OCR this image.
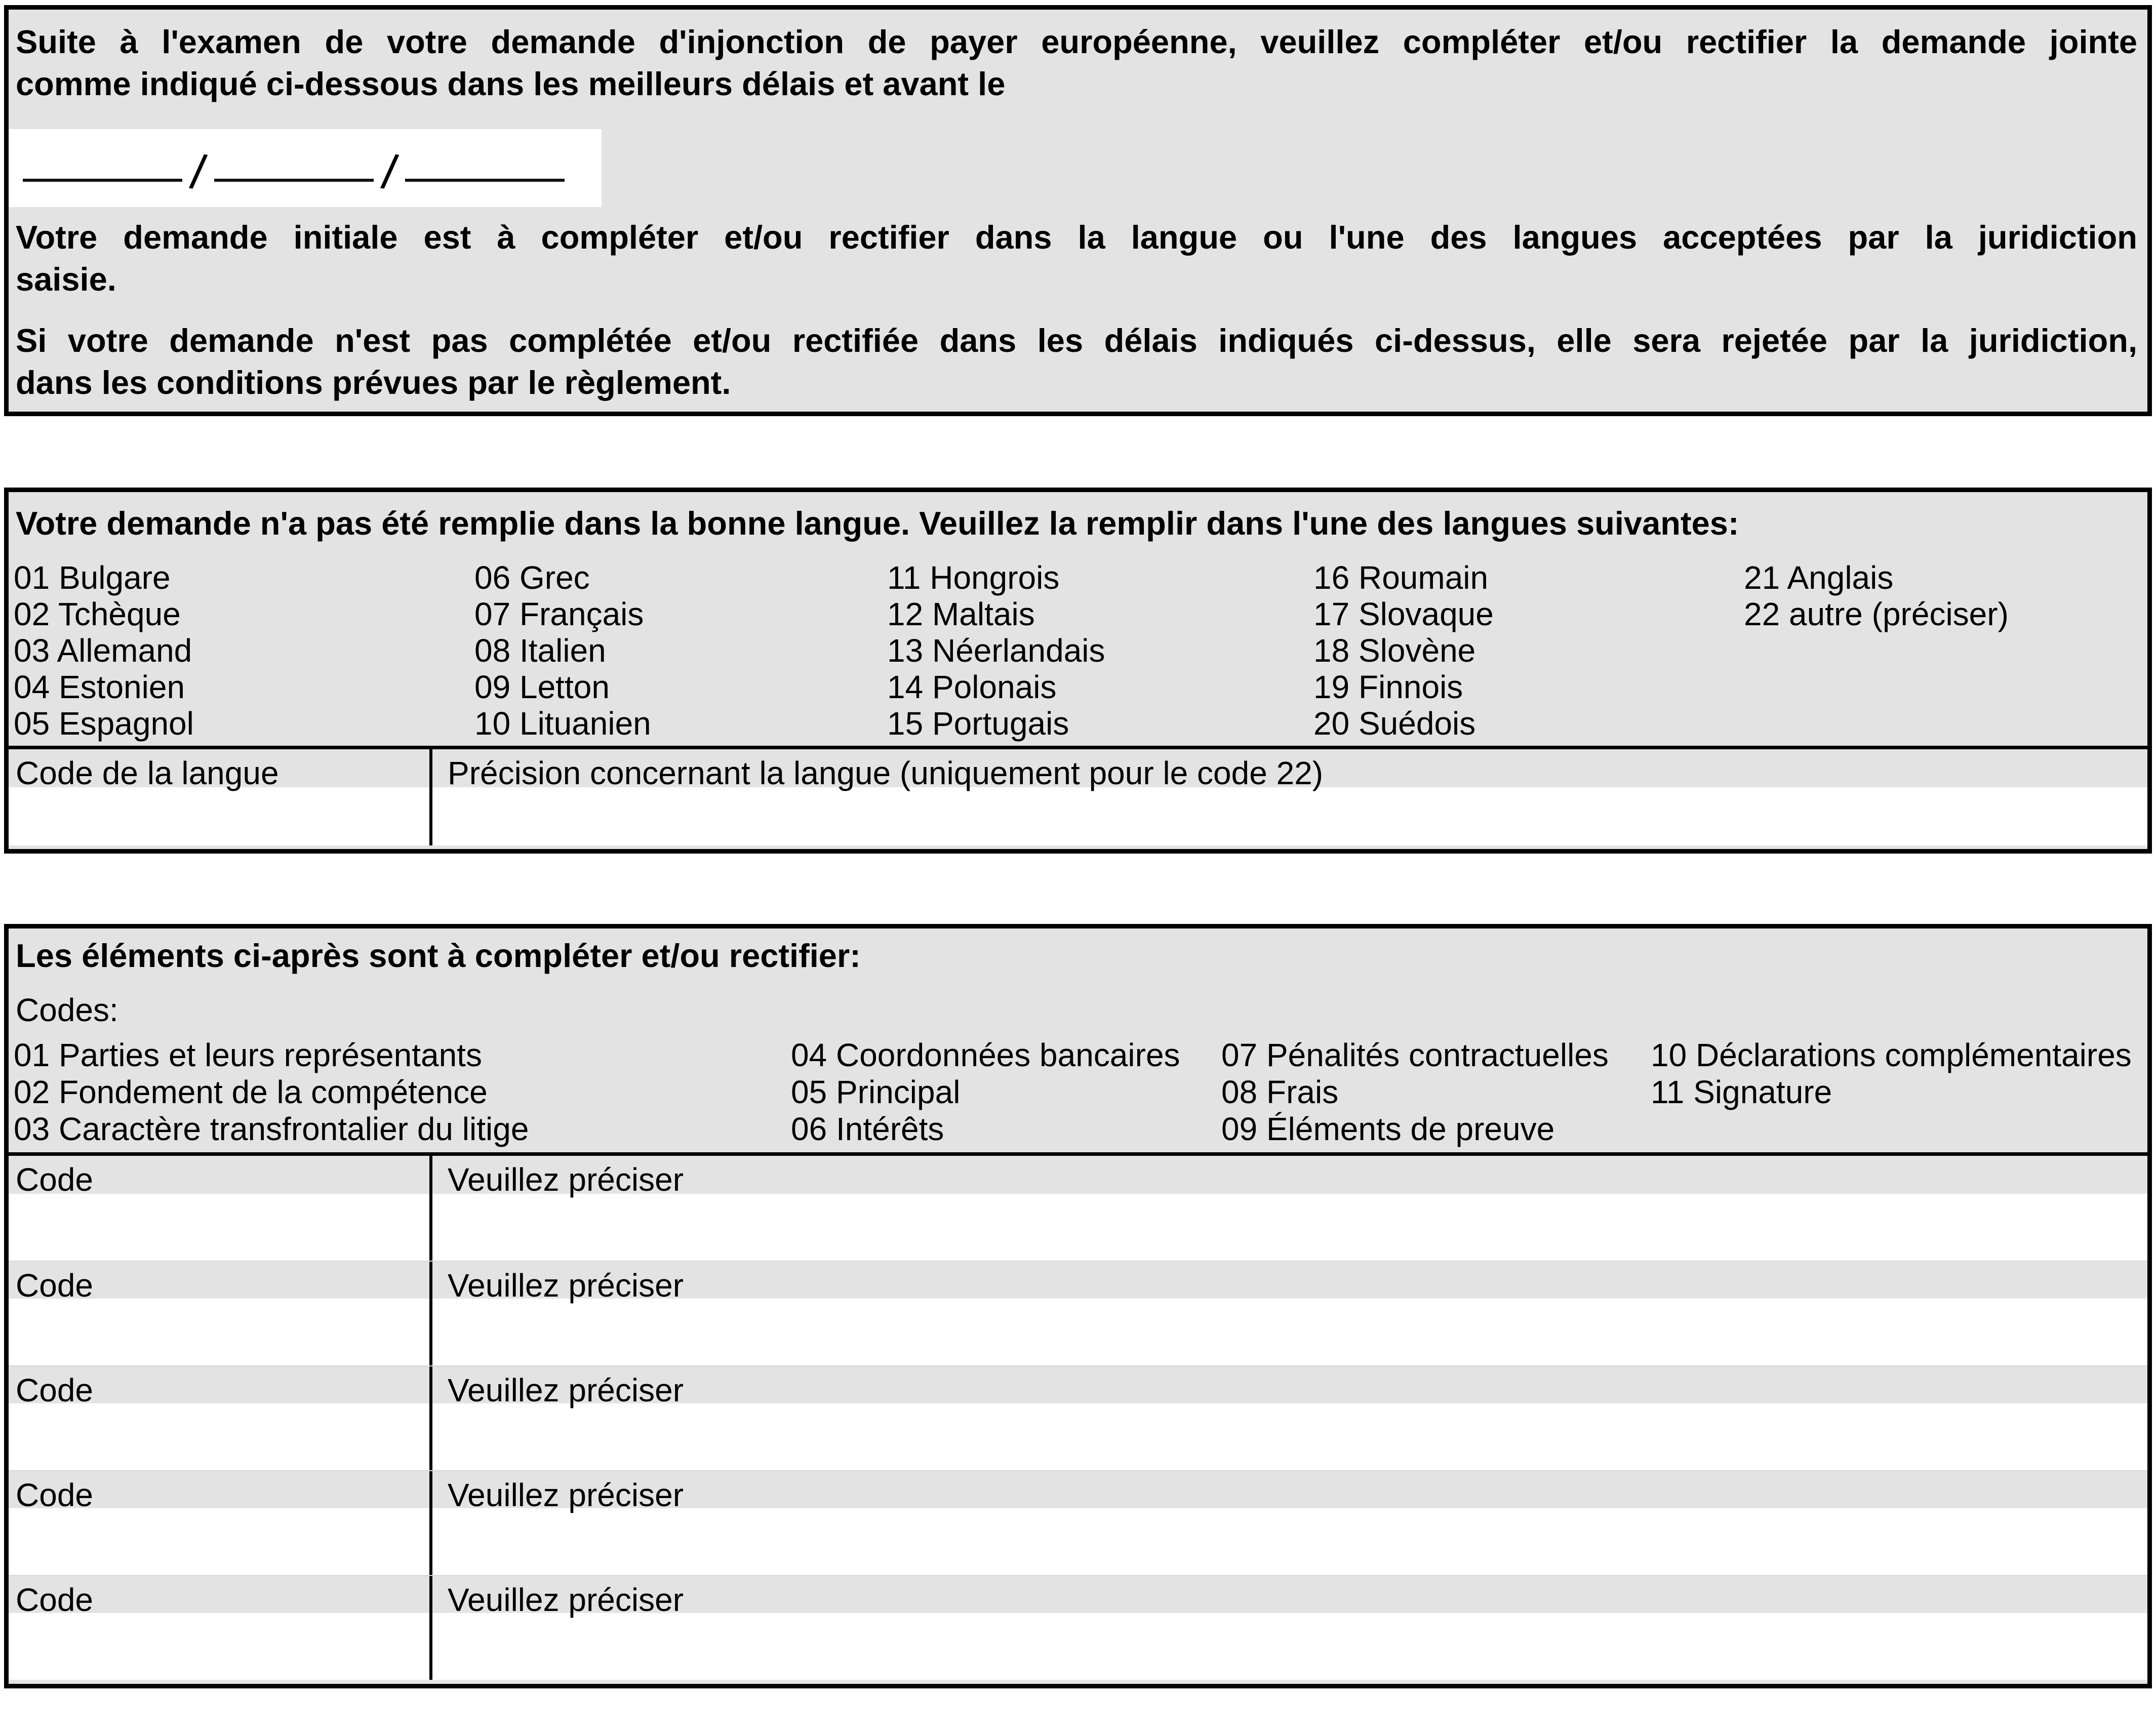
Suite à l'examen de votre demande d'injonction de payer européenne, veuillez compléter et/ou rectifier la demande jointe
comme indiqué ci-dessous dans les meilleurs délais et avant le

/	/

Votre demande initiale est à compléter et/ou rectifier dans la langue ou l'une des langues acceptées par la juridiction
saisie.

Si votre demande n'est pas complétée et/ou rectifiée dans les délais indiqués ci-dessus, elle sera rejetée par la juridiction,
dans les conditions prévues par le règlement.

Votre demande n'a pas été remplie dans la bonne langue. Veuillez la remplir dans l'une des langues suivantes:

01 Bulgare
02 Tchèque
03 Allemand
04 Estonien
05 Espagnol
06 Grec
07 Français
08 Italien
09 Letton
10 Lituanien
11 Hongrois
12 Maltais
13 Néerlandais
14 Polonais
15 Portugais
16 Roumain
17 Slovaque
18 Slovène
19 Finnois
20 Suédois
21 Anglais
22 autre (préciser)
Code de la langue	Précision concernant la langue (uniquement pour le code 22)

Les éléments ci-après sont à compléter et/ou rectifier:

Codes:

01 Parties et leurs représentants
02 Fondement de la compétence
03 Caractère transfrontalier du litige
04 Coordonnées bancaires
05 Principal
06 Intérêts
07 Pénalités contractuelles
08 Frais
09 Éléments de preuve
10 Déclarations complémentaires
11 Signature
Code	Veuillez préciser
Code	Veuillez préciser
Code	Veuillez préciser
Code	Veuillez préciser
Code	Veuillez préciser
